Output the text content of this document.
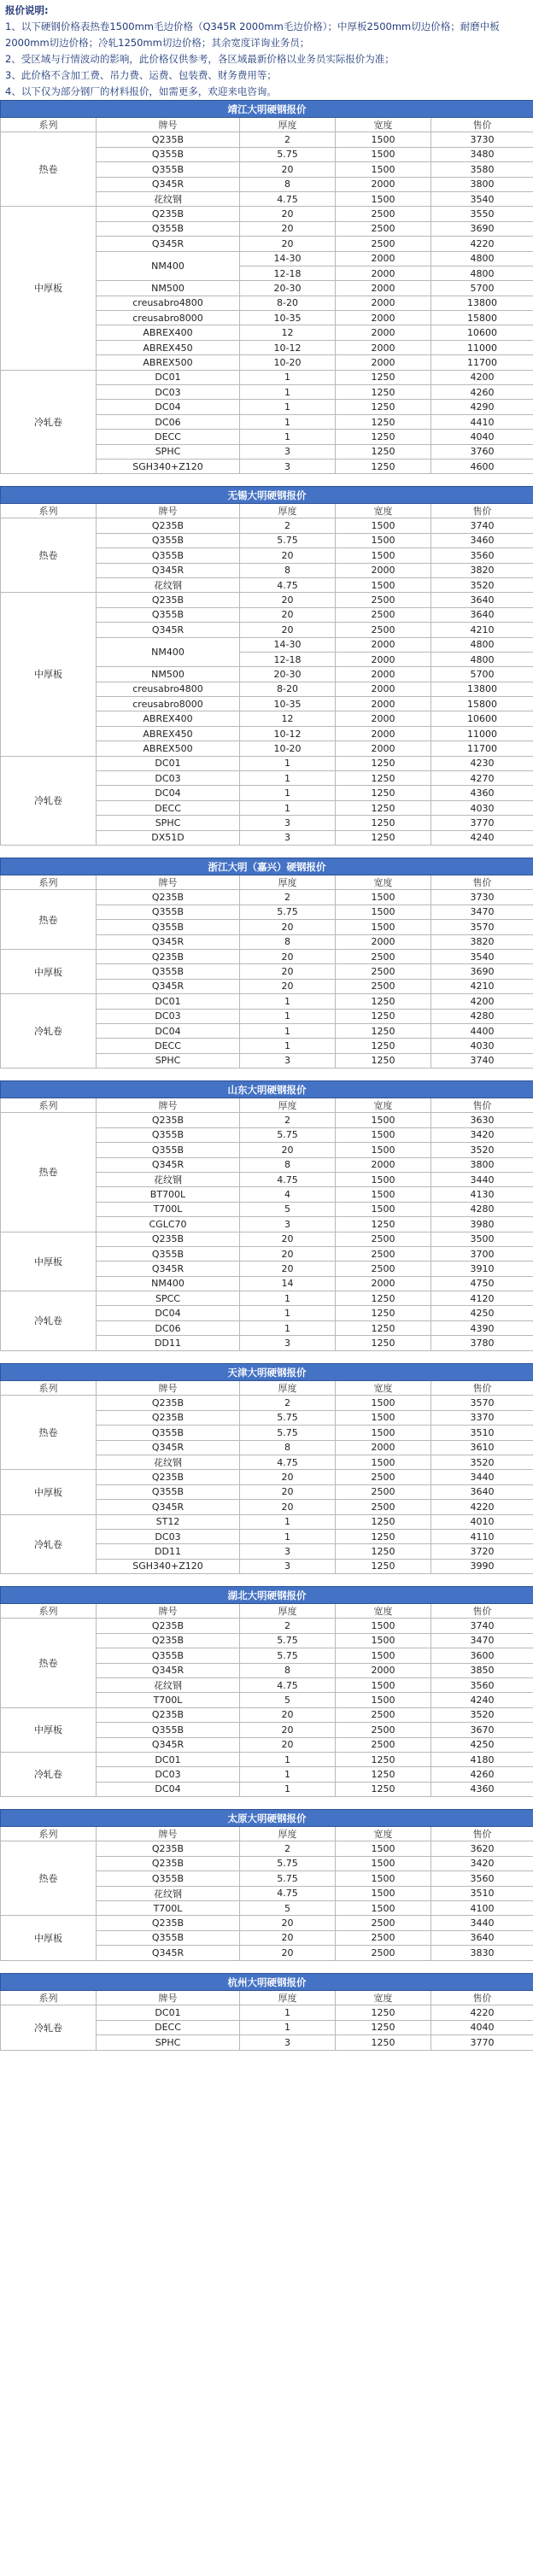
报价说明:
1、以下硬钢价格表热卷1500mm毛边价格（Q345R 2000mm毛边价格）；中厚板2500mm切边价格；耐磨中板2000mm切边价格；冷轧1250mm切边价格；其余宽度详询业务员；
2、受区域与行情波动的影响，此价格仅供参考，各区域最新价格以业务员实际报价为准；
3、此价格不含加工费、吊力费、运费、包装费、财务费用等；
4、以下仅为部分钢厂的材料报价，如需更多，欢迎来电咨询。
靖江大明硬钢报价				
系列	牌号	厚度	宽度	售价
热卷	Q235B	2	1500	3730
	Q355B	5.75	1500	3480
	Q355B	20	1500	3580
	Q345R	8	2000	3800
	花纹钢	4.75	1500	3540
中厚板	Q235B	20	2500	3550
	Q355B	20	2500	3690
	Q345R	20	2500	4220
	NM400	14-30	2000	4800
		12-18	2000	4800
	NM500	20-30	2000	5700
	creusabro4800	8-20	2000	13800
	creusabro8000	10-35	2000	15800
	ABREX400	12	2000	10600
	ABREX450	10-12	2000	11000
	ABREX500	10-20	2000	11700
冷轧卷	DC01	1	1250	4200
	DC03	1	1250	4260
	DC04	1	1250	4290
	DC06	1	1250	4410
	DECC	1	1250	4040
	SPHC	3	1250	3760
	SGH340+Z120	3	1250	4600
无锡大明硬钢报价				
系列	牌号	厚度	宽度	售价
热卷	Q235B	2	1500	3740
	Q355B	5.75	1500	3460
	Q355B	20	1500	3560
	Q345R	8	2000	3820
	花纹钢	4.75	1500	3520
中厚板	Q235B	20	2500	3640
	Q355B	20	2500	3640
	Q345R	20	2500	4210
	NM400	14-30	2000	4800
		12-18	2000	4800
	NM500	20-30	2000	5700
	creusabro4800	8-20	2000	13800
	creusabro8000	10-35	2000	15800
	ABREX400	12	2000	10600
	ABREX450	10-12	2000	11000
	ABREX500	10-20	2000	11700
冷轧卷	DC01	1	1250	4230
	DC03	1	1250	4270
	DC04	1	1250	4360
	DECC	1	1250	4030
	SPHC	3	1250	3770
	DX51D	3	1250	4240
浙江大明（嘉兴）硬钢报价				
系列	牌号	厚度	宽度	售价
热卷	Q235B	2	1500	3730
	Q355B	5.75	1500	3470
	Q355B	20	1500	3570
	Q345R	8	2000	3820
中厚板	Q235B	20	2500	3540
	Q355B	20	2500	3690
	Q345R	20	2500	4210
冷轧卷	DC01	1	1250	4200
	DC03	1	1250	4280
	DC04	1	1250	4400
	DECC	1	1250	4030
	SPHC	3	1250	3740
山东大明硬钢报价				
系列	牌号	厚度	宽度	售价
热卷	Q235B	2	1500	3630
	Q355B	5.75	1500	3420
	Q355B	20	1500	3520
	Q345R	8	2000	3800
	花纹钢	4.75	1500	3440
	BT700L	4	1500	4130
	T700L	5	1500	4280
	CGLC70	3	1250	3980
中厚板	Q235B	20	2500	3500
	Q355B	20	2500	3700
	Q345R	20	2500	3910
	NM400	14	2000	4750
冷轧卷	SPCC	1	1250	4120
	DC04	1	1250	4250
	DC06	1	1250	4390
	DD11	3	1250	3780
天津大明硬钢报价				
系列	牌号	厚度	宽度	售价
热卷	Q235B	2	1500	3570
	Q235B	5.75	1500	3370
	Q355B	5.75	1500	3510
	Q345R	8	2000	3610
	花纹钢	4.75	1500	3520
中厚板	Q235B	20	2500	3440
	Q355B	20	2500	3640
	Q345R	20	2500	4220
冷轧卷	ST12	1	1250	4010
	DC03	1	1250	4110
	DD11	3	1250	3720
	SGH340+Z120	3	1250	3990
湖北大明硬钢报价				
系列	牌号	厚度	宽度	售价
热卷	Q235B	2	1500	3740
	Q235B	5.75	1500	3470
	Q355B	5.75	1500	3600
	Q345R	8	2000	3850
	花纹钢	4.75	1500	3560
	T700L	5	1500	4240
中厚板	Q235B	20	2500	3520
	Q355B	20	2500	3670
	Q345R	20	2500	4250
冷轧卷	DC01	1	1250	4180
	DC03	1	1250	4260
	DC04	1	1250	4360
太原大明硬钢报价				
系列	牌号	厚度	宽度	售价
热卷	Q235B	2	1500	3620
	Q235B	5.75	1500	3420
	Q355B	5.75	1500	3560
	花纹钢	4.75	1500	3510
	T700L	5	1500	4100
中厚板	Q235B	20	2500	3440
	Q355B	20	2500	3640
	Q345R	20	2500	3830
杭州大明硬钢报价				
系列	牌号	厚度	宽度	售价
冷轧卷	DC01	1	1250	4220
	DECC	1	1250	4040
	SPHC	3	1250	3770
